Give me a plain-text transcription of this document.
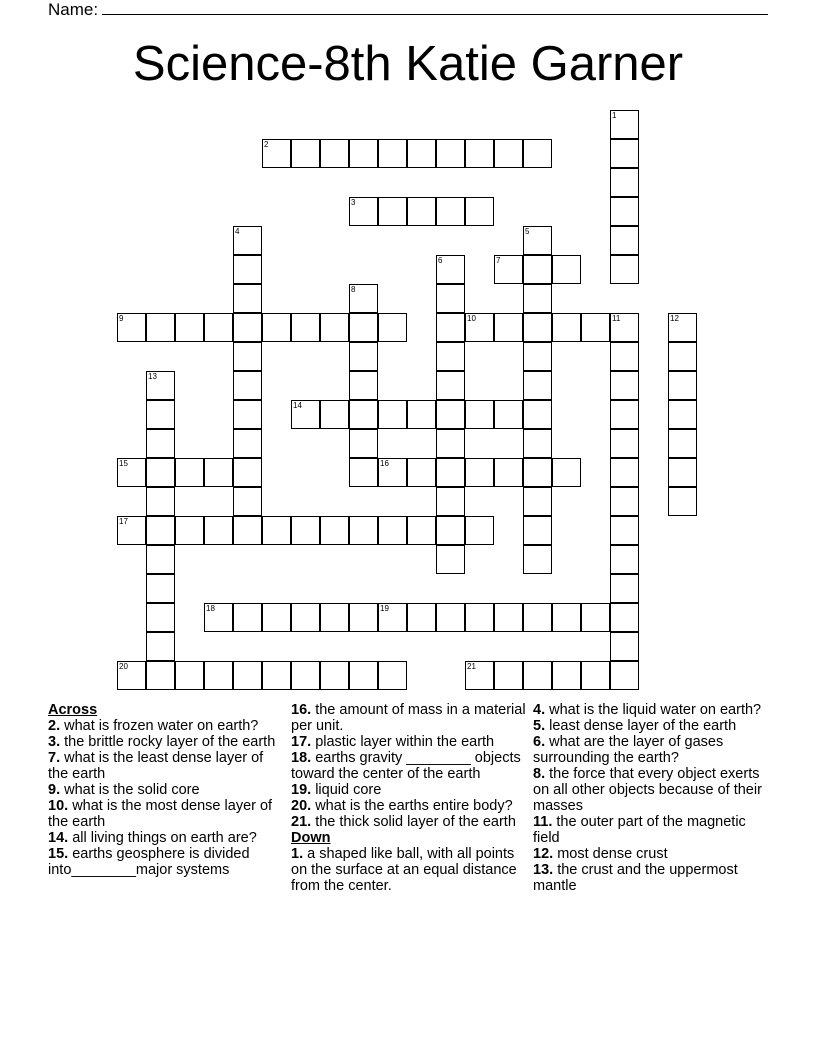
Name:
Science-8th Katie Garner
1
2
3
4	5
6	7
8
9	10	11	12
13
14
15	16
17
18	19
20	21

Across

2. what is frozen water on earth?

3. the brittle rocky layer of the earth

7. what is the least dense layer of the earth

9. what is the solid core

10. what is the most dense layer of the earth

14. all living things on earth are?

15. earths geosphere is divided into________major systems

16. the amount of mass in a material per unit.

17. plastic layer within the earth

18. earths gravity ________ objects toward the center of the earth

19. liquid core

20. what is the earths entire body?

21. the thick solid layer of the earth

Down

1. a shaped like ball, with all points on the surface at an equal distance from the center.

4. what is the liquid water on earth?

5. least dense layer of the earth

6. what are the layer of gases surrounding the earth?

8. the force that every object exerts on all other objects because of their masses

11. the outer part of the magnetic field

12. most dense crust

13. the crust and the uppermost mantle
